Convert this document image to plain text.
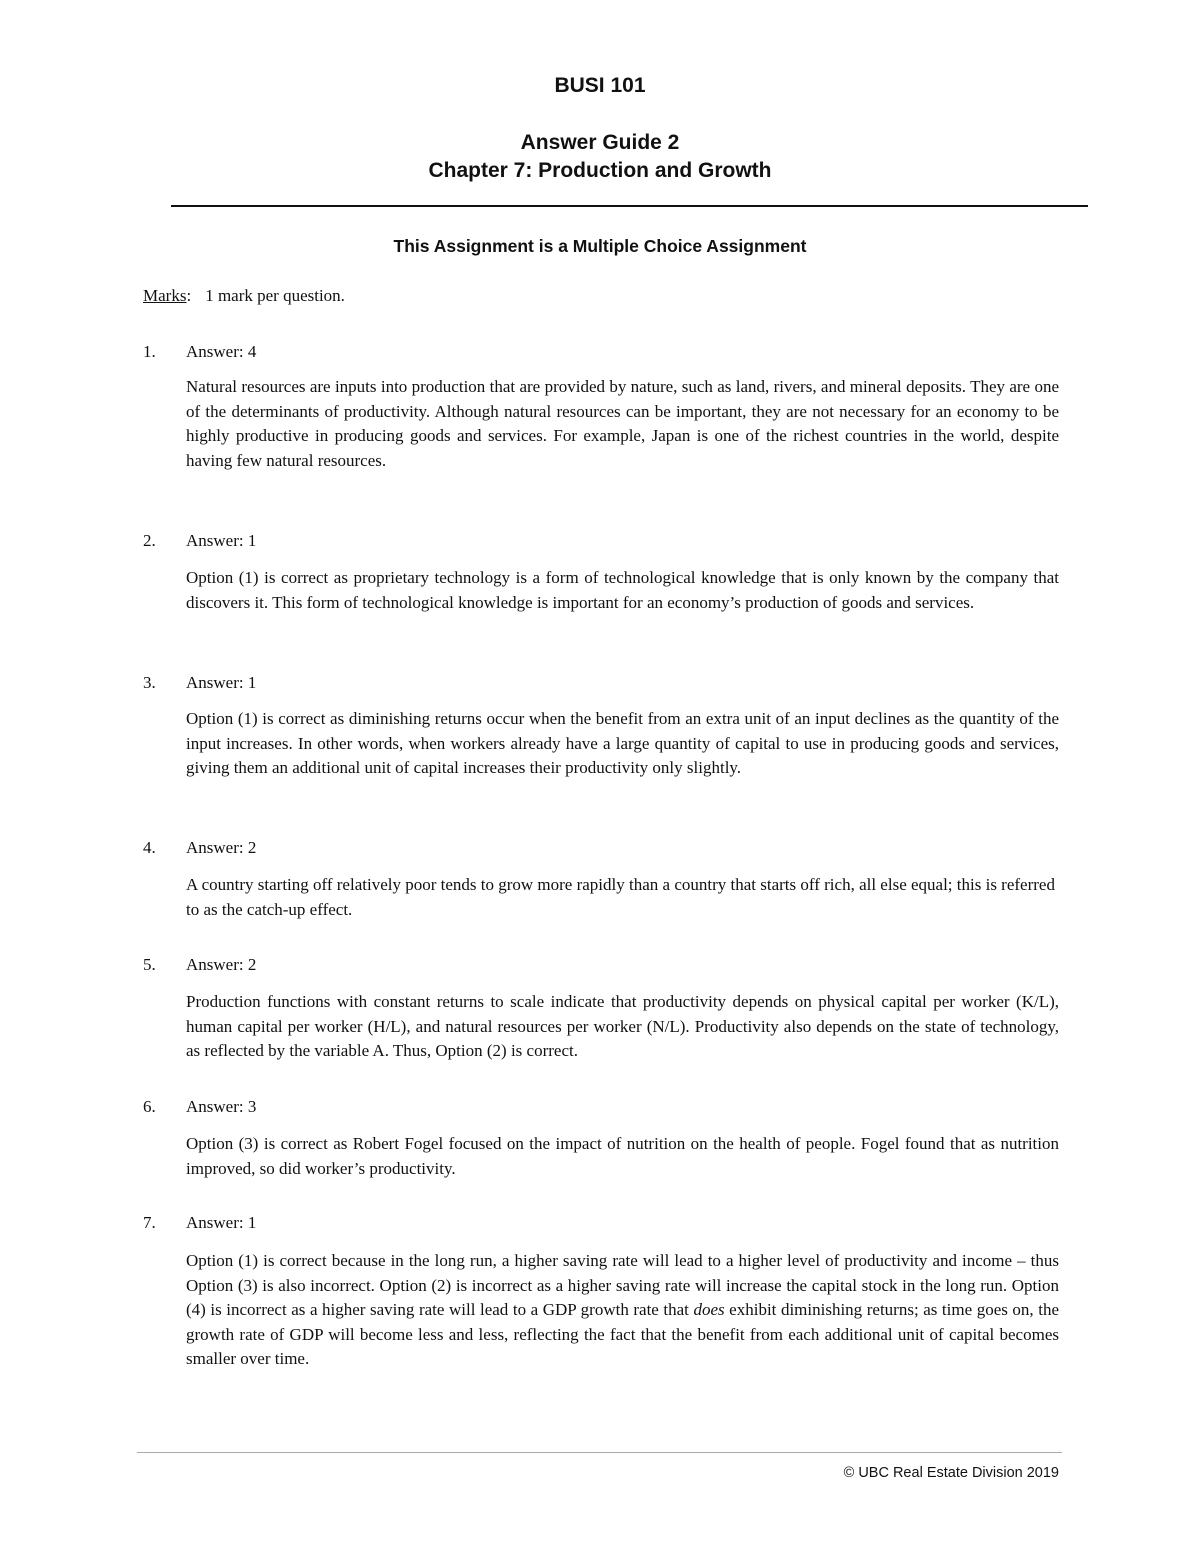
BUSI 101
Answer Guide 2
Chapter 7: Production and Growth
This Assignment is a Multiple Choice Assignment
Marks: 1 mark per question.
1. Answer: 4
Natural resources are inputs into production that are provided by nature, such as land, rivers, and mineral deposits. They are one of the determinants of productivity. Although natural resources can be important, they are not necessary for an economy to be highly productive in producing goods and services. For example, Japan is one of the richest countries in the world, despite having few natural resources.
2. Answer: 1
Option (1) is correct as proprietary technology is a form of technological knowledge that is only known by the company that discovers it. This form of technological knowledge is important for an economy’s production of goods and services.
3. Answer: 1
Option (1) is correct as diminishing returns occur when the benefit from an extra unit of an input declines as the quantity of the input increases. In other words, when workers already have a large quantity of capital to use in producing goods and services, giving them an additional unit of capital increases their productivity only slightly.
4. Answer: 2
A country starting off relatively poor tends to grow more rapidly than a country that starts off rich, all else equal; this is referred to as the catch-up effect.
5. Answer: 2
Production functions with constant returns to scale indicate that productivity depends on physical capital per worker (K/L), human capital per worker (H/L), and natural resources per worker (N/L). Productivity also depends on the state of technology, as reflected by the variable A. Thus, Option (2) is correct.
6. Answer: 3
Option (3) is correct as Robert Fogel focused on the impact of nutrition on the health of people. Fogel found that as nutrition improved, so did worker’s productivity.
7. Answer: 1
Option (1) is correct because in the long run, a higher saving rate will lead to a higher level of productivity and income – thus Option (3) is also incorrect. Option (2) is incorrect as a higher saving rate will increase the capital stock in the long run. Option (4) is incorrect as a higher saving rate will lead to a GDP growth rate that does exhibit diminishing returns; as time goes on, the growth rate of GDP will become less and less, reflecting the fact that the benefit from each additional unit of capital becomes smaller over time.
© UBC Real Estate Division 2019
